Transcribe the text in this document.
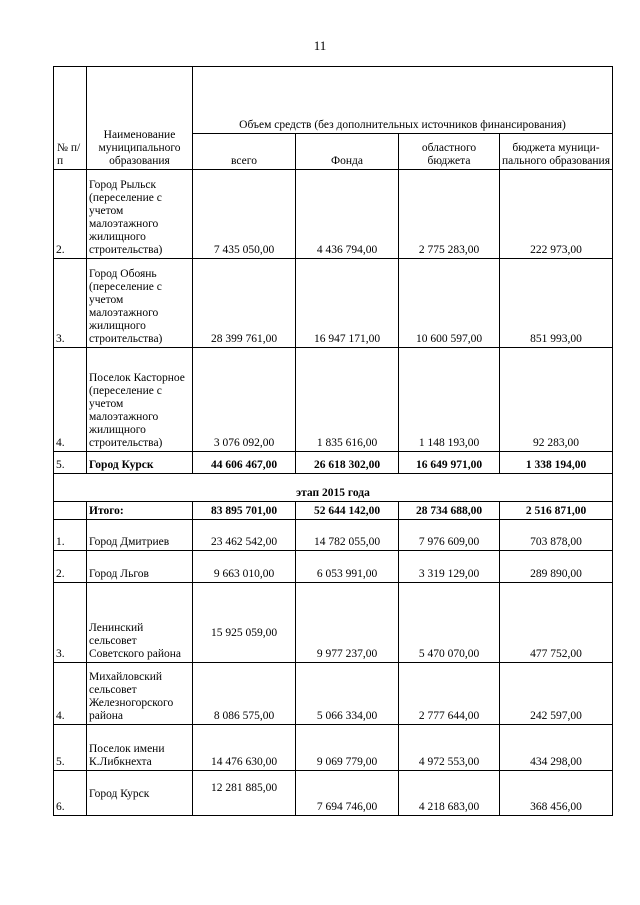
11
№ п/п	Наименование муниципального образования	Объем средств (без дополнительных источников финансирования)			
		всего	Фонда	областного бюджета	бюджета муници-пального образования
2.	Город Рыльск (переселение с учетом малоэтажного жилищного строительства)	7 435 050,00	4 436 794,00	2 775 283,00	222 973,00
3.	Город Обоянь (переселение с учетом малоэтажного жилищного строительства)	28 399 761,00	16 947 171,00	10 600 597,00	851 993,00
4.	Поселок Касторное (переселение с учетом малоэтажного жилищного строительства)	3 076 092,00	1 835 616,00	1 148 193,00	92 283,00
5.	Город Курск	44 606 467,00	26 618 302,00	16 649 971,00	1 338 194,00
этап 2015 года					
	Итого:	83 895 701,00	52 644 142,00	28 734 688,00	2 516 871,00
1.	Город Дмитриев	23 462 542,00	14 782 055,00	7 976 609,00	703 878,00
2.	Город Льгов	9 663 010,00	6 053 991,00	3 319 129,00	289 890,00
3.	Ленинский сельсовет Советского района	15 925 059,00	9 977 237,00	5 470 070,00	477 752,00
4.	Михайловский сельсовет Железногорского района	8 086 575,00	5 066 334,00	2 777 644,00	242 597,00
5.	Поселок имени К.Либкнехта	14 476 630,00	9 069 779,00	4 972 553,00	434 298,00
6.	Город Курск	12 281 885,00	7 694 746,00	4 218 683,00	368 456,00
